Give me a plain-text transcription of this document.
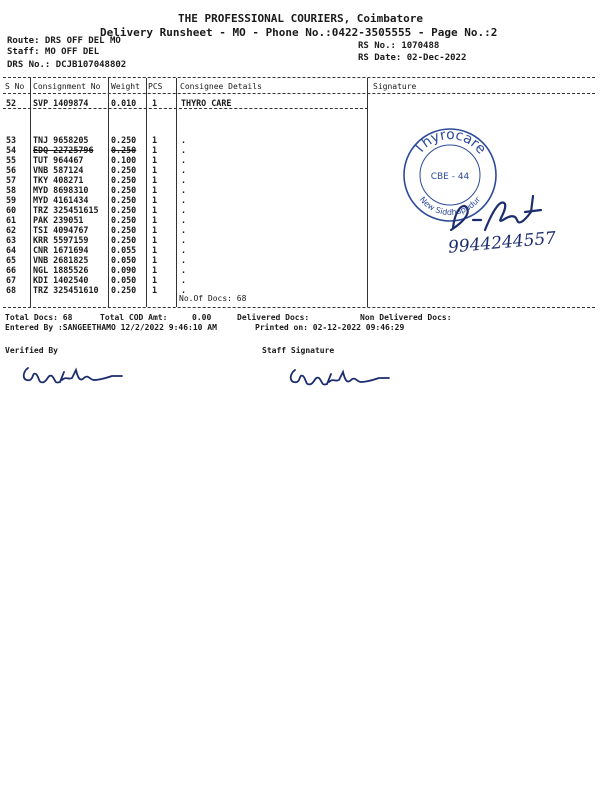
THE PROFESSIONAL COURIERS, Coimbatore
Delivery Runsheet - MO - Phone No.:0422-3505555 - Page No.:2
Route: DRS OFF DEL MO
Staff: MO OFF DEL
DRS No.: DCJB107048802
RS No.: 1070488
RS Date: 02-Dec-2022
S No Consignment No Weight PCS Consignee Details	Signature
52 SVP 1409874	0.010 1	THYRO CARE
53 TNJ 9658205	0.250 1	.
54 EDQ 22725796 0.250 1	.
55 TUT 964467	0.100 1	.
56 VNB 587124	0.250 1	.
57 TKY 408271	0.250 1	.
58 MYD 8698310	0.250 1	.
59 MYD 4161434	0.250 1	.
60 TRZ 325451615 0.250 1	.
61 PAK 239051	0.250 1	.
62 TSI 4094767	0.250 1	.
63 KRR 5597159	0.250 1	.
64 CNR 1671694	0.055 1	.
65 VNB 2681825	0.050 1	.
66 NGL 1885526	0.090 1	.
67 KDI 1402540	0.050 1	.
68 TRZ 325451610 0.250 1	.
No.Of Docs: 68
Thyrocare
CBE - 44
New Siddhapudur
9944244557
Total Docs: 68	Total COD Amt:	0.00	Delivered Docs:	Non Delivered Docs:
Entered By :SANGEETHAMO 12/2/2022 9:46:10 AM	Printed on: 02-12-2022 09:46:29
Verified By	Staff Signature
